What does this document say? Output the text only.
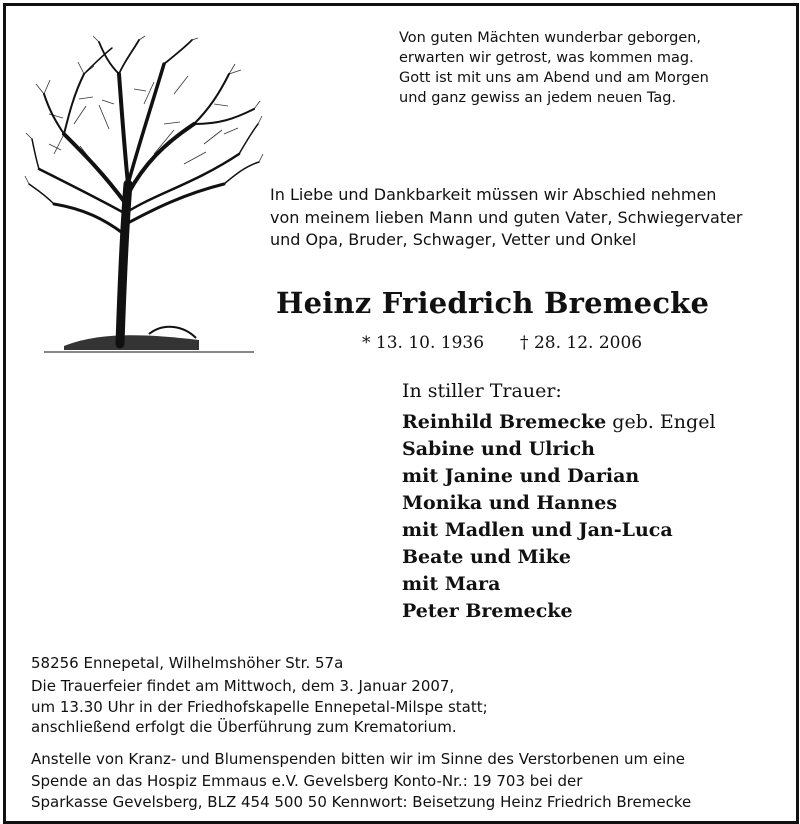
Von guten Mächten wunderbar geborgen,
erwarten wir getrost, was kommen mag.
Gott ist mit uns am Abend und am Morgen
und ganz gewiss an jedem neuen Tag.
In Liebe und Dankbarkeit müssen wir Abschied nehmen
von meinem lieben Mann und guten Vater, Schwiegervater
und Opa, Bruder, Schwager, Vetter und Onkel
Heinz Friedrich Bremecke
* 13. 10. 1936 † 28. 12. 2006
In stiller Trauer:
Reinhild Bremecke geb. Engel
Sabine und Ulrich
mit Janine und Darian
Monika und Hannes
mit Madlen und Jan-Luca
Beate und Mike
mit Mara
Peter Bremecke
58256 Ennepetal, Wilhelmshöher Str. 57a
Die Trauerfeier findet am Mittwoch, dem 3. Januar 2007,
um 13.30 Uhr in der Friedhofskapelle Ennepetal-Milspe statt;
anschließend erfolgt die Überführung zum Krematorium.
Anstelle von Kranz- und Blumenspenden bitten wir im Sinne des Verstorbenen um eine
Spende an das Hospiz Emmaus e.V. Gevelsberg Konto-Nr.: 19 703 bei der
Sparkasse Gevelsberg, BLZ 454 500 50 Kennwort: Beisetzung Heinz Friedrich Bremecke
